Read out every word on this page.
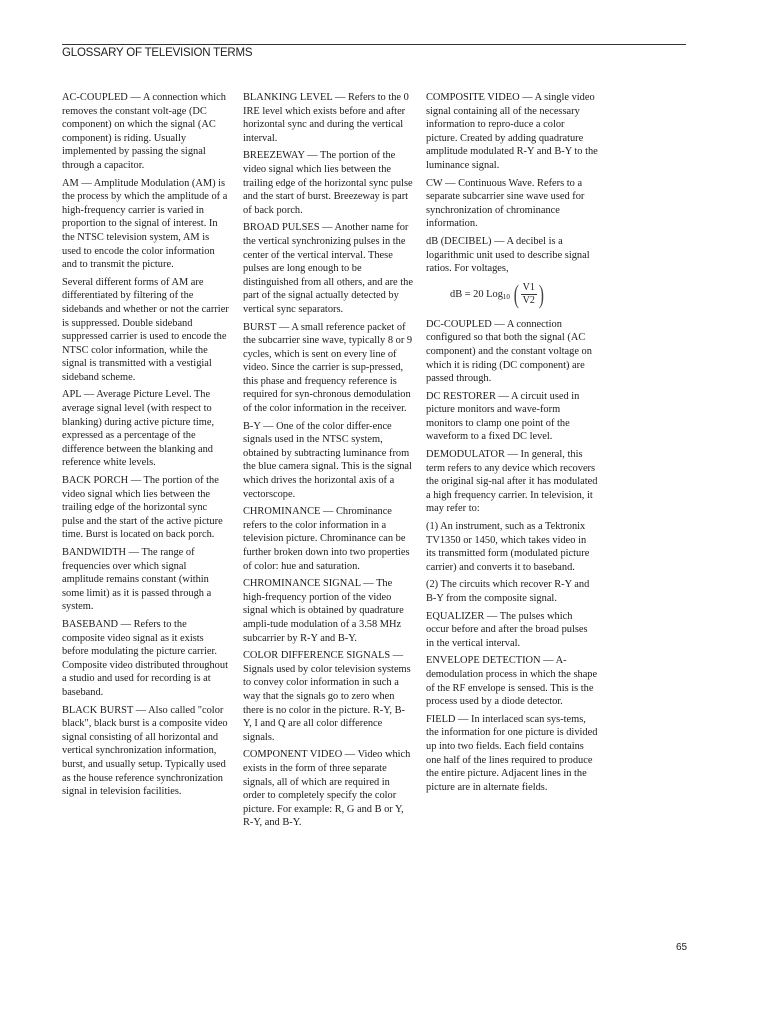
GLOSSARY OF TELEVISION TERMS

AC-COUPLED — A connection which removes the constant volt-age (DC component) on which the signal (AC component) is riding. Usually implemented by passing the signal through a capacitor.

AM — Amplitude Modulation (AM) is the process by which the amplitude of a high-frequency carrier is varied in proportion to the signal of interest. In the NTSC television system, AM is used to encode the color information and to transmit the picture.

Several different forms of AM are differentiated by filtering of the sidebands and whether or not the carrier is suppressed. Double sideband suppressed carrier is used to encode the NTSC color information, while the signal is transmitted with a vestigial sideband scheme.

APL — Average Picture Level. The average signal level (with respect to blanking) during active picture time, expressed as a percentage of the difference between the blanking and reference white levels.

BACK PORCH — The portion of the video signal which lies between the trailing edge of the horizontal sync pulse and the start of the active picture time. Burst is located on back porch.

BANDWIDTH — The range of frequencies over which signal amplitude remains constant (within some limit) as it is passed through a system.

BASEBAND — Refers to the composite video signal as it exists before modulating the picture carrier. Composite video distributed throughout a studio and used for recording is at baseband.

BLACK BURST — Also called "color black", black burst is a composite video signal consisting of all horizontal and vertical synchronization information, burst, and usually setup. Typically used as the house reference synchronization signal in television facilities.

BLANKING LEVEL — Refers to the 0 IRE level which exists before and after horizontal sync and during the vertical interval.

BREEZEWAY — The portion of the video signal which lies between the trailing edge of the horizontal sync pulse and the start of burst. Breezeway is part of back porch.

BROAD PULSES — Another name for the vertical synchronizing pulses in the center of the vertical interval. These pulses are long enough to be distinguished from all others, and are the part of the signal actually detected by vertical sync separators.

BURST — A small reference packet of the subcarrier sine wave, typically 8 or 9 cycles, which is sent on every line of video. Since the carrier is sup-pressed, this phase and frequency reference is required for syn-chronous demodulation of the color information in the receiver.

B-Y — One of the color differ-ence signals used in the NTSC system, obtained by subtracting luminance from the blue camera signal. This is the signal which drives the horizontal axis of a vectorscope.

CHROMINANCE — Chrominance refers to the color information in a television picture. Chrominance can be further broken down into two properties of color: hue and saturation.

CHROMINANCE SIGNAL — The high-frequency portion of the video signal which is obtained by quadrature ampli-tude modulation of a 3.58 MHz subcarrier by R-Y and B-Y.

COLOR DIFFERENCE SIGNALS — Signals used by color television systems to convey color information in such a way that the signals go to zero when there is no color in the picture. R-Y, B-Y, I and Q are all color difference signals.

COMPONENT VIDEO — Video which exists in the form of three separate signals, all of which are required in order to completely specify the color picture. For example: R, G and B or Y, R-Y, and B-Y.

COMPOSITE VIDEO — A single video signal containing all of the necessary information to repro-duce a color picture. Created by adding quadrature amplitude modulated R-Y and B-Y to the luminance signal.

CW — Continuous Wave. Refers to a separate subcarrier sine wave used for synchronization of chrominance information.

dB (DECIBEL) — A decibel is a logarithmic unit used to describe signal ratios. For voltages,

dB = 20 Log 10 ( $\frac{V1}{V2}$ )

DC-COUPLED — A connection configured so that both the signal (AC component) and the constant voltage on which it is riding (DC component) are passed through.

DC RESTORER — A circuit used in picture monitors and wave-form monitors to clamp one point of the waveform to a fixed DC level.

DEMODULATOR — In general, this term refers to any device which recovers the original sig-nal after it has modulated a high frequency carrier. In television, it may refer to:

(1) An instrument, such as a Tektronix TV1350 or 1450, which takes video in its transmitted form (modulated picture carrier) and converts it to baseband.

(2) The circuits which recover R-Y and B-Y from the composite signal.

EQUALIZER — The pulses which occur before and after the broad pulses in the vertical interval.

ENVELOPE DETECTION — A-demodulation process in which the shape of the RF envelope is sensed. This is the process used by a diode detector.

FIELD — In interlaced scan sys-tems, the information for one picture is divided up into two fields. Each field contains one half of the lines required to produce the entire picture. Adjacent lines in the picture are in alternate fields.

65
